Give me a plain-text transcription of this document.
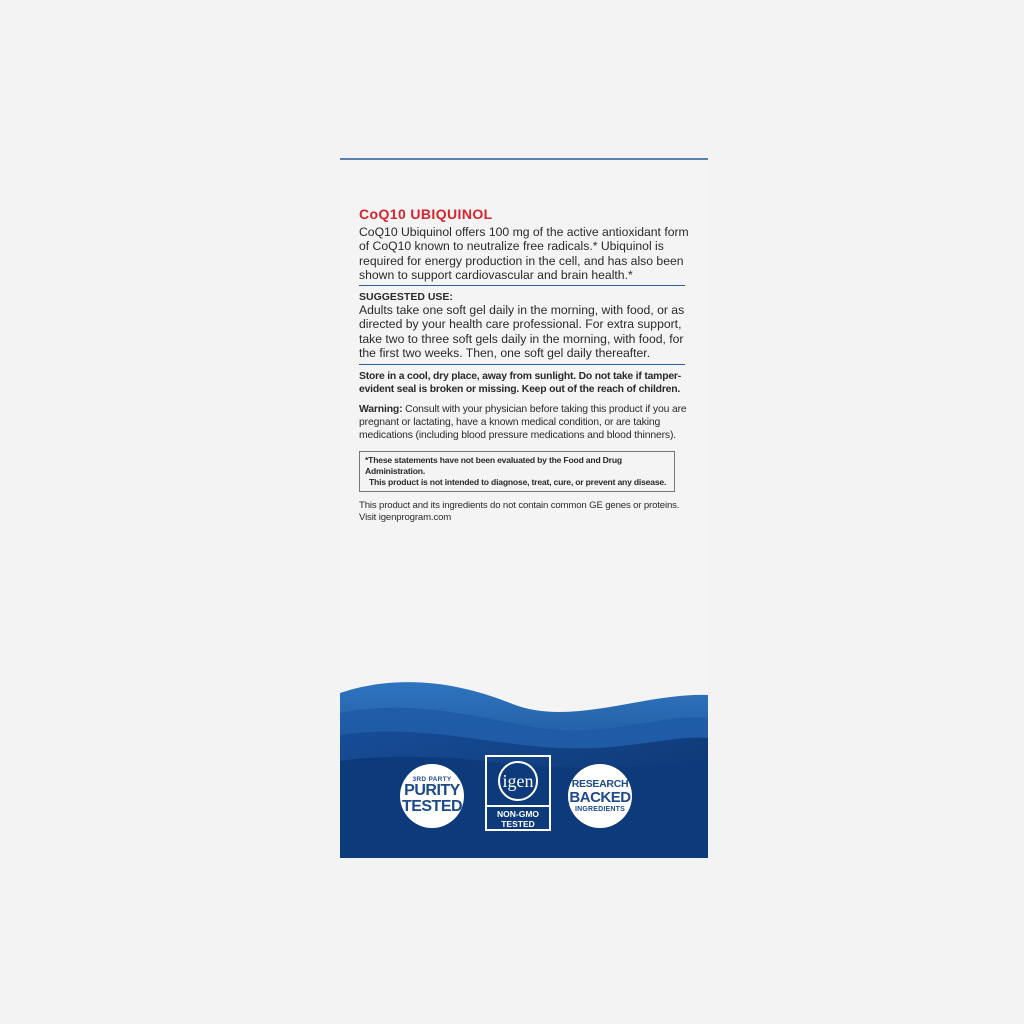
CoQ10 UBIQUINOL

CoQ10 Ubiquinol offers 100 mg of the active antioxidant form of CoQ10 known to neutralize free radicals.* Ubiquinol is required for energy production in the cell, and has also been shown to support cardiovascular and brain health.*

SUGGESTED USE:

Adults take one soft gel daily in the morning, with food, or as directed by your health care professional. For extra support, take two to three soft gels daily in the morning, with food, for the first two weeks. Then, one soft gel daily thereafter.

Store in a cool, dry place, away from sunlight. Do not take if tamper-evident seal is broken or missing. Keep out of the reach of children.

Warning: Consult with your physician before taking this product if you are pregnant or lactating, have a known medical condition, or are taking medications (including blood pressure medications and blood thinners).

*These statements have not been evaluated by the Food and Drug Administration.
This product is not intended to diagnose, treat, cure, or prevent any disease.

This product and its ingredients do not contain common GE genes or proteins. Visit igenprogram.com

3RD PARTY
PURITY
TESTED
igen
NON-GMO
TESTED
RESEARCH
BACKED
INGREDIENTS
